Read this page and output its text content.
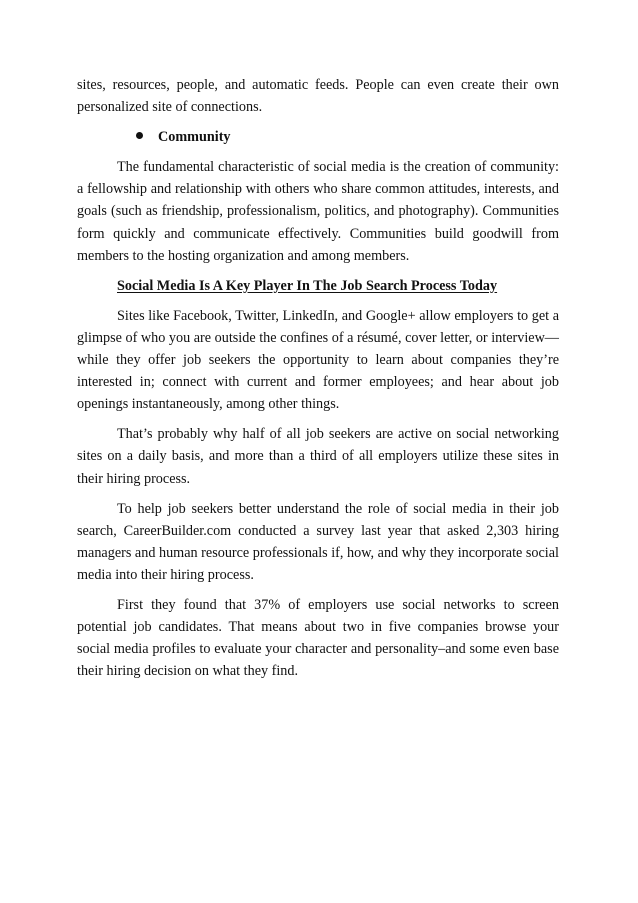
sites, resources, people, and automatic feeds. People can even create their own personalized site of connections.

Community

The fundamental characteristic of social media is the creation of community: a fellowship and relationship with others who share common attitudes, interests, and goals (such as friendship, professionalism, politics, and photography). Communities form quickly and communicate effectively. Communities build goodwill from members to the hosting organization and among members.

Social Media Is A Key Player In The Job Search Process Today

Sites like Facebook, Twitter, LinkedIn, and Google+ allow employers to get a glimpse of who you are outside the confines of a résumé, cover letter, or interview—while they offer job seekers the opportunity to learn about companies they’re interested in; connect with current and former employees; and hear about job openings instantaneously, among other things.

That’s probably why half of all job seekers are active on social networking sites on a daily basis, and more than a third of all employers utilize these sites in their hiring process.

To help job seekers better understand the role of social media in their job search, CareerBuilder.com conducted a survey last year that asked 2,303 hiring managers and human resource professionals if, how, and why they incorporate social media into their hiring process.

First they found that 37% of employers use social networks to screen potential job candidates. That means about two in five companies browse your social media profiles to evaluate your character and personality–and some even base their hiring decision on what they find.
